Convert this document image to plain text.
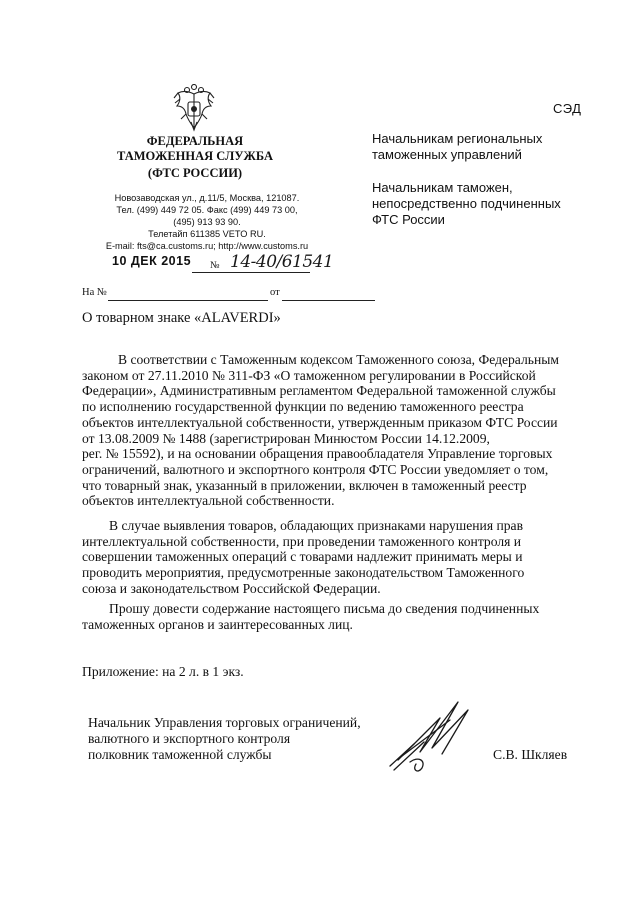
ФЕДЕРАЛЬНАЯ
ТАМОЖЕННАЯ СЛУЖБА
(ФТС РОССИИ)
Новозаводская ул., д.11/5, Москва, 121087.
Тел. (499) 449 72 05. Факс (499) 449 73 00,
(495) 913 93 90.
Телетайп 611385 VETO RU.
E-mail: fts@ca.customs.ru; http://www.customs.ru
10 ДЕК 2015 № 14-40/61541
На №	от
О товарном знаке «ALAVERDI»
СЭД
Начальникам региональных
таможенных управлений
Начальникам таможен,
непосредственно подчиненных
ФТС России
В соответствии с Таможенным кодексом Таможенного союза, Федеральным
законом от 27.11.2010 № 311-ФЗ «О таможенном регулировании в Российской
Федерации», Административным регламентом Федеральной таможенной службы
по исполнению государственной функции по ведению таможенного реестра
объектов интеллектуальной собственности, утвержденным приказом ФТС России
от 13.08.2009 № 1488 (зарегистрирован Минюстом России 14.12.2009,
рег. № 15592), и на основании обращения правообладателя Управление торговых
ограничений, валютного и экспортного контроля ФТС России уведомляет о том,
что товарный знак, указанный в приложении, включен в таможенный реестр
объектов интеллектуальной собственности.
В случае выявления товаров, обладающих признаками нарушения прав
интеллектуальной собственности, при проведении таможенного контроля и
совершении таможенных операций с товарами надлежит принимать меры и
проводить мероприятия, предусмотренные законодательством Таможенного
союза и законодательством Российской Федерации.
Прошу довести содержание настоящего письма до сведения подчиненных
таможенных органов и заинтересованных лиц.
Приложение: на 2 л. в 1 экз.
Начальник Управления торговых ограничений,
валютного и экспортного контроля
полковник таможенной службы	С.В. Шкляев
